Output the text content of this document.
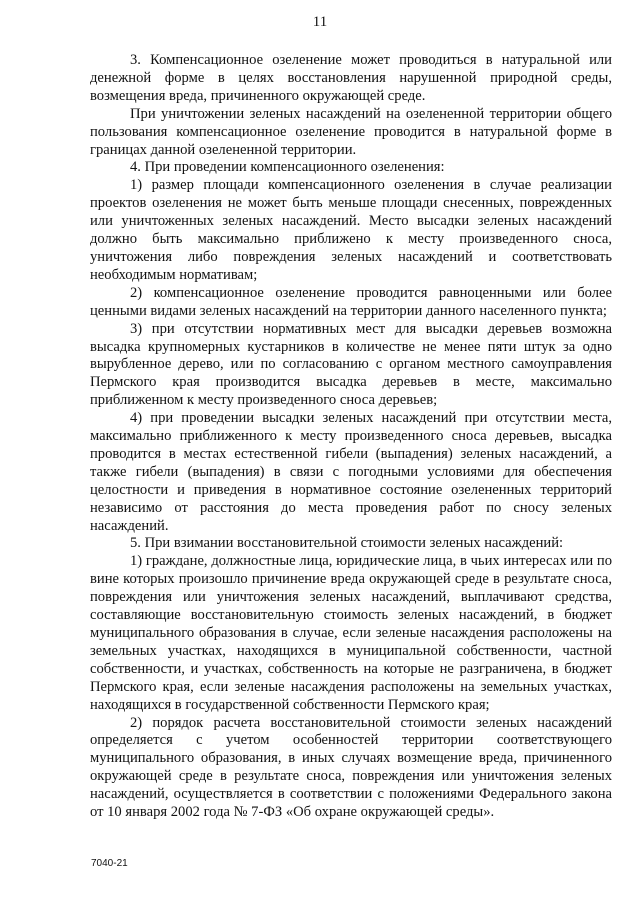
11

3. Компенсационное озеленение может проводиться в натуральной или денежной форме в целях восстановления нарушенной природной среды, возмещения вреда, причиненного окружающей среде.

При уничтожении зеленых насаждений на озелененной территории общего пользования компенсационное озеленение проводится в натуральной форме в границах данной озелененной территории.

4. При проведении компенсационного озеленения:

1) размер площади компенсационного озеленения в случае реализации проектов озеленения не может быть меньше площади снесенных, поврежденных или уничтоженных зеленых насаждений. Место высадки зеленых насаждений должно быть максимально приближено к месту произведенного сноса, уничтожения либо повреждения зеленых насаждений и соответствовать необходимым нормативам;

2) компенсационное озеленение проводится равноценными или более ценными видами зеленых насаждений на территории данного населенного пункта;

3) при отсутствии нормативных мест для высадки деревьев возможна высадка крупномерных кустарников в количестве не менее пяти штук за одно вырубленное дерево, или по согласованию с органом местного самоуправления Пермского края производится высадка деревьев в месте, максимально приближенном к месту произведенного сноса деревьев;

4) при проведении высадки зеленых насаждений при отсутствии места, максимально приближенного к месту произведенного сноса деревьев, высадка проводится в местах естественной гибели (выпадения) зеленых насаждений, а также гибели (выпадения) в связи с погодными условиями для обеспечения целостности и приведения в нормативное состояние озелененных территорий независимо от расстояния до места проведения работ по сносу зеленых насаждений.

5. При взимании восстановительной стоимости зеленых насаждений:

1) граждане, должностные лица, юридические лица, в чьих интересах или по вине которых произошло причинение вреда окружающей среде в результате сноса, повреждения или уничтожения зеленых насаждений, выплачивают средства, составляющие восстановительную стоимость зеленых насаждений, в бюджет муниципального образования в случае, если зеленые насаждения расположены на земельных участках, находящихся в муниципальной собственности, частной собственности, и участках, собственность на которые не разграничена, в бюджет Пермского края, если зеленые насаждения расположены на земельных участках, находящихся в государственной собственности Пермского края;

2) порядок расчета восстановительной стоимости зеленых насаждений определяется с учетом особенностей территории соответствующего муниципального образования, в иных случаях возмещение вреда, причиненного окружающей среде в результате сноса, повреждения или уничтожения зеленых насаждений, осуществляется в соответствии с положениями Федерального закона от 10 января 2002 года № 7-ФЗ «Об охране окружающей среды».

7040-21
